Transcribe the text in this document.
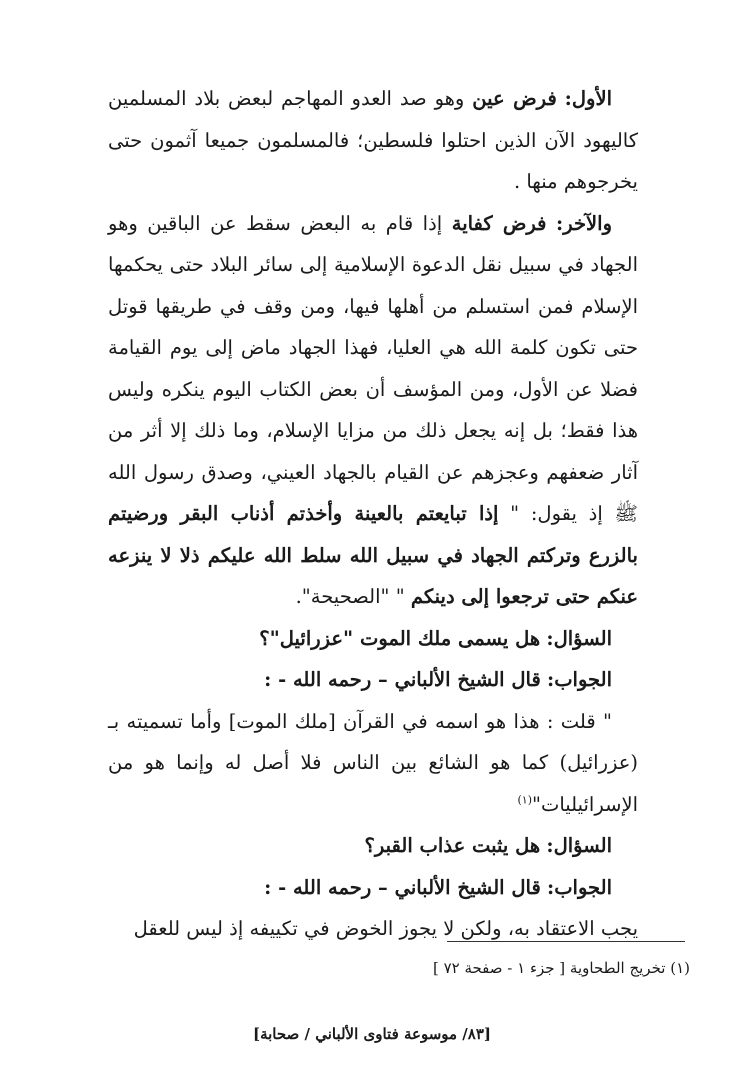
الأول: فرض عين وهو صد العدو المهاجم لبعض بلاد المسلمين كاليهود الآن الذين احتلوا فلسطين؛ فالمسلمون جميعا آثمون حتى يخرجوهم منها .

والآخر: فرض كفاية إذا قام به البعض سقط عن الباقين وهو الجهاد في سبيل نقل الدعوة الإسلامية إلى سائر البلاد حتى يحكمها الإسلام فمن استسلم من أهلها فيها، ومن وقف في طريقها قوتل حتى تكون كلمة الله هي العليا، فهذا الجهاد ماض إلى يوم القيامة فضلا عن الأول، ومن المؤسف أن بعض الكتاب اليوم ينكره وليس هذا فقط؛ بل إنه يجعل ذلك من مزايا الإسلام، وما ذلك إلا أثر من آثار ضعفهم وعجزهم عن القيام بالجهاد العيني، وصدق رسول الله ﷺ إذ يقول: " إذا تبايعتم بالعينة وأخذتم أذناب البقر ورضيتم بالزرع وتركتم الجهاد في سبيل الله سلط الله عليكم ذلا لا ينزعه عنكم حتى ترجعوا إلى دينكم " "الصحيحة".

السؤال: هل يسمى ملك الموت "عزرائيل"؟

الجواب: قال الشيخ الألباني – رحمه الله - :

" قلت : هذا هو اسمه في القرآن [ملك الموت] وأما تسميته بـ (عزرائيل) كما هو الشائع بين الناس فلا أصل له وإنما هو من الإسرائيليات"$^{(١)}$

السؤال: هل يثبت عذاب القبر؟

الجواب: قال الشيخ الألباني – رحمه الله - :

يجب الاعتقاد به، ولكن لا يجوز الخوض في تكييفه إذ ليس للعقل

(١) تخريج الطحاوية [ جزء ١ - صفحة ٧٢ ]
[٨٣/ موسوعة فتاوى الألباني / صحابة]
